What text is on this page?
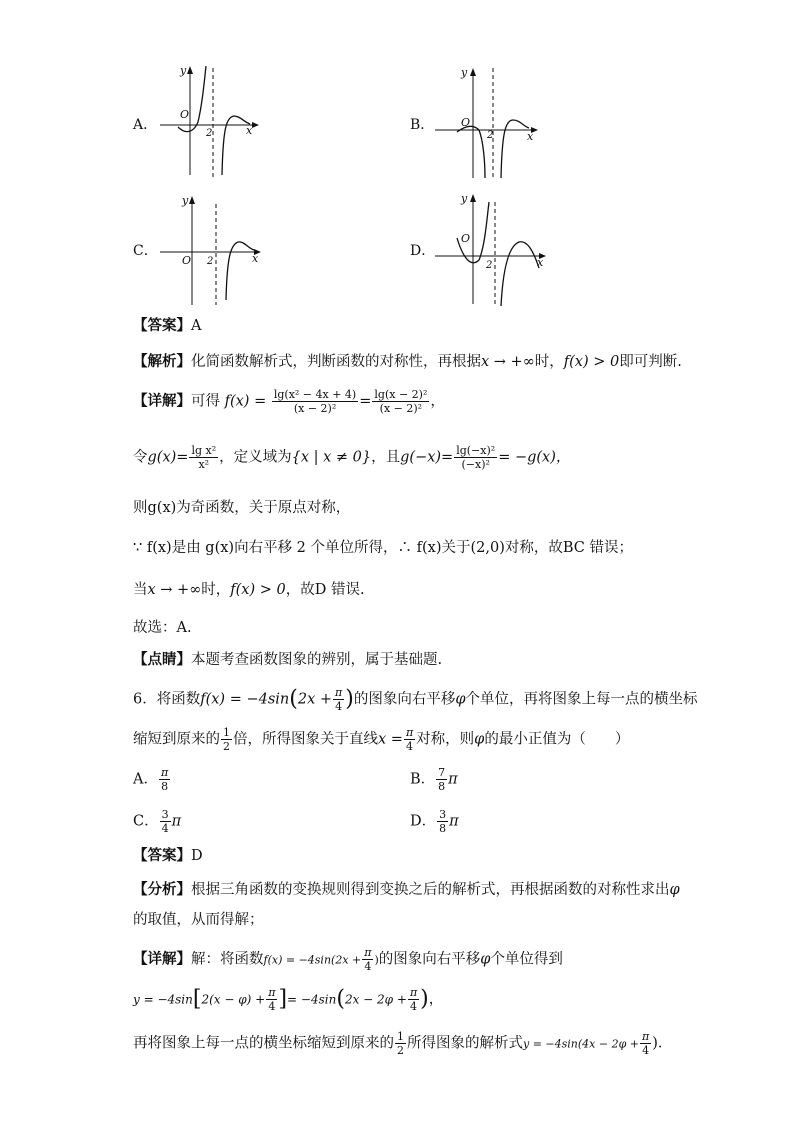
A．
O
2	x
y
B． O
2	x
y
C．
O 2	x
y
D．
O
2	x
y
【答案】A
【解析】化简函数解析式，判断函数的对称性，再根据x → +∞时，f(x) > 0即可判断.
【详解】可得 $f(x) = \frac{\text{lg(x² − 4x + 4)}}{\text{(x − 2)²}} = \frac{\text{lg(x − 2)²}}{\text{(x − 2)²}}$ ，
令$g(x)= \frac{\text{lg x²}}{\text{x²}}$ ，定义域为{x | x ≠ 0}，且$g(-x)= \frac{\text{lg(−x)²}}{\text{(−x)²}} = -g(x)$，
则g(x)为奇函数，关于原点对称，
∵ f(x)是由 g(x)向右平移 2 个单位所得，∴ f(x)关于(2,0)对称，故BC 错误；
当x → +∞时，f(x) > 0，故D 错误.
故选：A.
【点睛】本题考查函数图象的辨别，属于基础题.
6．将函数$f(x) = -4\sin(2x + \frac{\pi}{4}$ )的图象向右平移φ个单位，再将图象上每一点的横坐标
缩短到原来的 $\frac{1}{2}$ 倍，所得图象关于直线$x = \frac{\pi}{4}$ 对称，则φ的最小正值为（　　）
A． $\frac{\pi}{8}$	B． $\frac{7}{8}$ π
C． $\frac{3}{4}$ π	D． $\frac{3}{8}$ π
【答案】D
【分析】根据三角函数的变换规则得到变换之后的解析式，再根据函数的对称性求出φ
的取值，从而得解；
【详解】解：将函数$f(x) = -4\sin(2x + \frac{\pi}{4}$ )的图象向右平移φ个单位得到
$y = -4\sin[2(x - \varphi) + \frac{\pi}{4}$ ]= $-4\sin(2x - 2\varphi + \frac{\pi}{4}$ )，
再将图象上每一点的横坐标缩短到原来的 $\frac{1}{2}$ 所得图象的解析式$y = -4\sin(4x - 2\varphi + \frac{\pi}{4}$ )．
